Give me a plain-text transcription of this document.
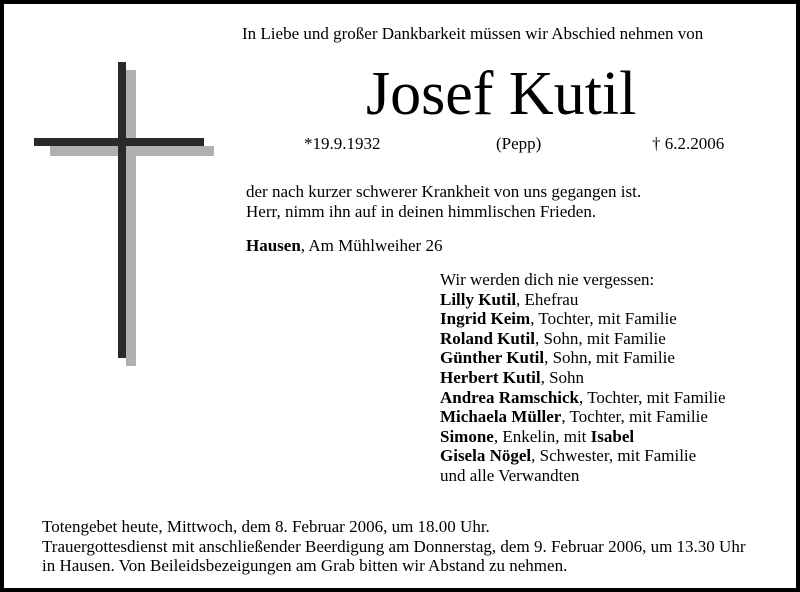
In Liebe und großer Dankbarkeit müssen wir Abschied nehmen von
Josef Kutil
*19.9.1932	(Pepp)	† 6.2.2006
der nach kurzer schwerer Krankheit von uns gegangen ist.
Herr, nimm ihn auf in deinen himmlischen Frieden.
Hausen, Am Mühlweiher 26
Wir werden dich nie vergessen:
Lilly Kutil, Ehefrau
Ingrid Keim, Tochter, mit Familie
Roland Kutil, Sohn, mit Familie
Günther Kutil, Sohn, mit Familie
Herbert Kutil, Sohn
Andrea Ramschick, Tochter, mit Familie
Michaela Müller, Tochter, mit Familie
Simone, Enkelin, mit Isabel
Gisela Nögel, Schwester, mit Familie
und alle Verwandten
Totengebet heute, Mittwoch, dem 8. Februar 2006, um 18.00 Uhr.
Trauergottesdienst mit anschließender Beerdigung am Donnerstag, dem 9. Februar 2006, um 13.30 Uhr
in Hausen. Von Beileidsbezeigungen am Grab bitten wir Abstand zu nehmen.
